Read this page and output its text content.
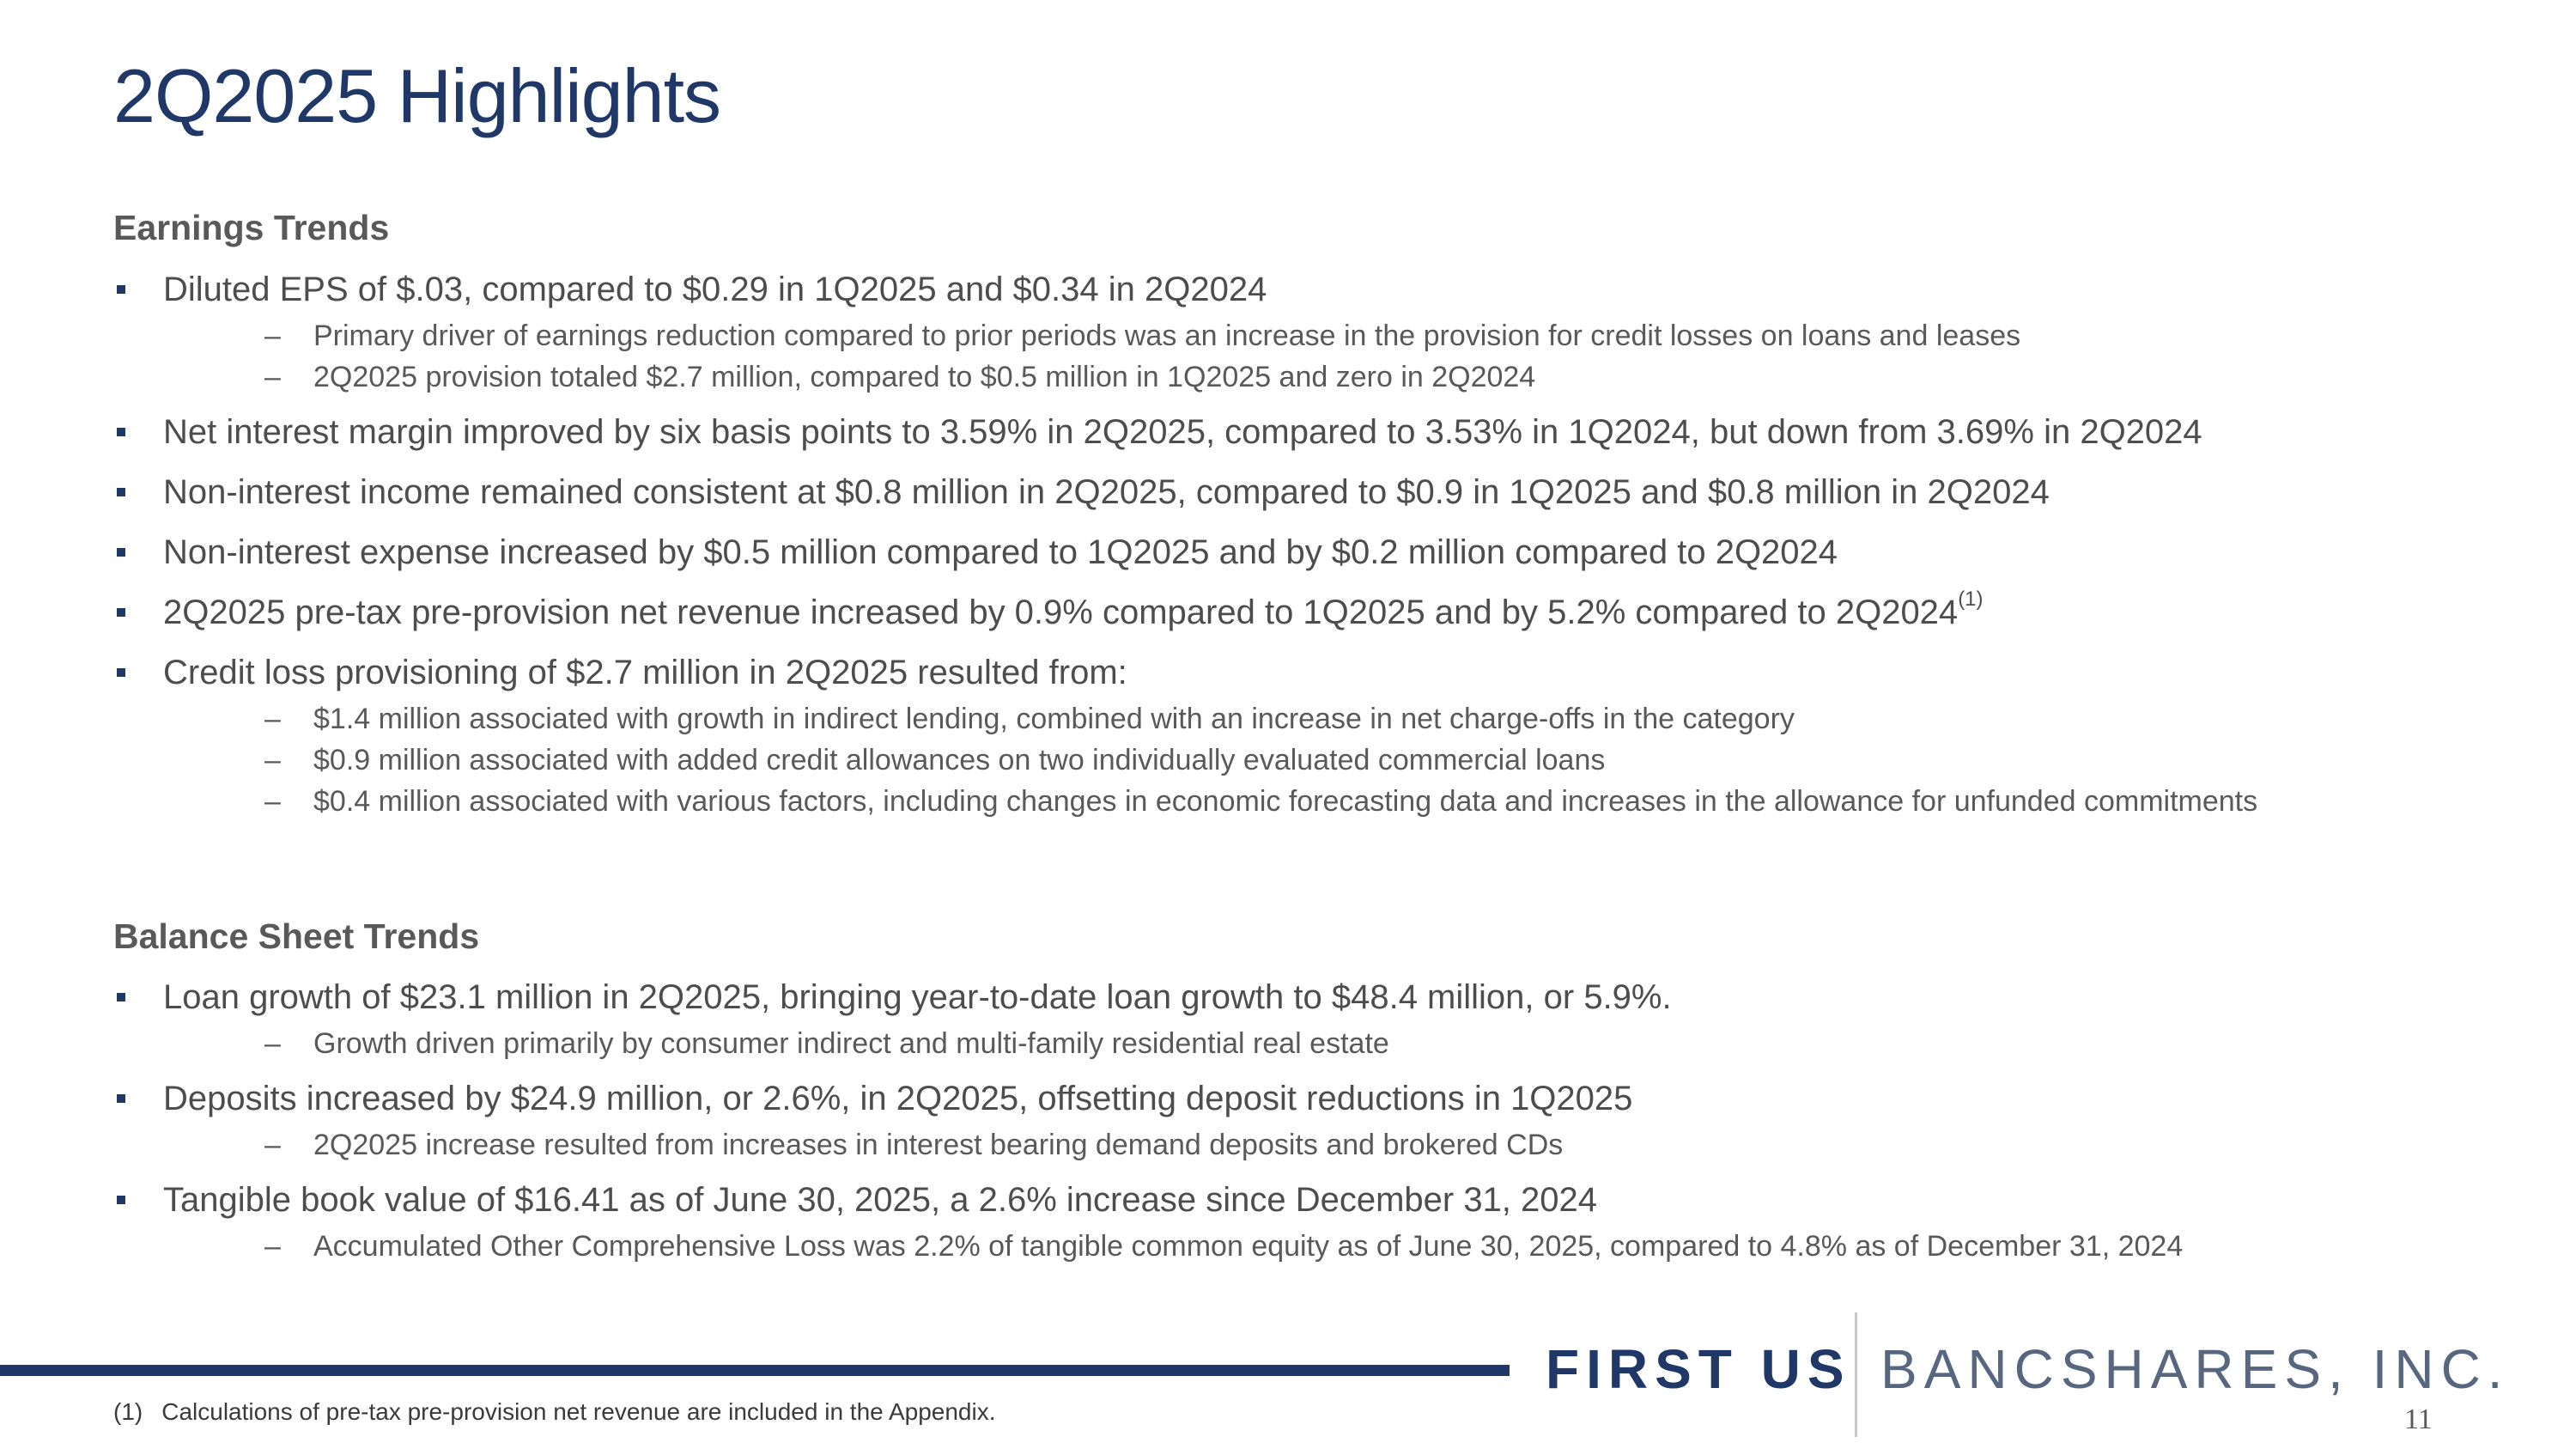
2Q2025 Highlights
Earnings Trends
Diluted EPS of $.03, compared to $0.29 in 1Q2025 and $0.34 in 2Q2024
– Primary driver of earnings reduction compared to prior periods was an increase in the provision for credit losses on loans and leases
– 2Q2025 provision totaled $2.7 million, compared to $0.5 million in 1Q2025 and zero in 2Q2024
Net interest margin improved by six basis points to 3.59% in 2Q2025, compared to 3.53% in 1Q2024, but down from 3.69% in 2Q2024
Non-interest income remained consistent at $0.8 million in 2Q2025, compared to $0.9 in 1Q2025 and $0.8 million in 2Q2024
Non-interest expense increased by $0.5 million compared to 1Q2025 and by $0.2 million compared to 2Q2024
2Q2025 pre-tax pre-provision net revenue increased by 0.9% compared to 1Q2025 and by 5.2% compared to 2Q2024$^{(1)}$
Credit loss provisioning of $2.7 million in 2Q2025 resulted from:
– $1.4 million associated with growth in indirect lending, combined with an increase in net charge-offs in the category
– $0.9 million associated with added credit allowances on two individually evaluated commercial loans
– $0.4 million associated with various factors, including changes in economic forecasting data and increases in the allowance for unfunded commitments
Balance Sheet Trends
Loan growth of $23.1 million in 2Q2025, bringing year-to-date loan growth to $48.4 million, or 5.9%.
– Growth driven primarily by consumer indirect and multi-family residential real estate
Deposits increased by $24.9 million, or 2.6%, in 2Q2025, offsetting deposit reductions in 1Q2025
– 2Q2025 increase resulted from increases in interest bearing demand deposits and brokered CDs
Tangible book value of $16.41 as of June 30, 2025, a 2.6% increase since December 31, 2024
– Accumulated Other Comprehensive Loss was 2.2% of tangible common equity as of June 30, 2025, compared to 4.8% as of December 31, 2024
FIRST US BANCSHARES, INC.
(1) Calculations of pre-tax pre-provision net revenue are included in the Appendix.	11
